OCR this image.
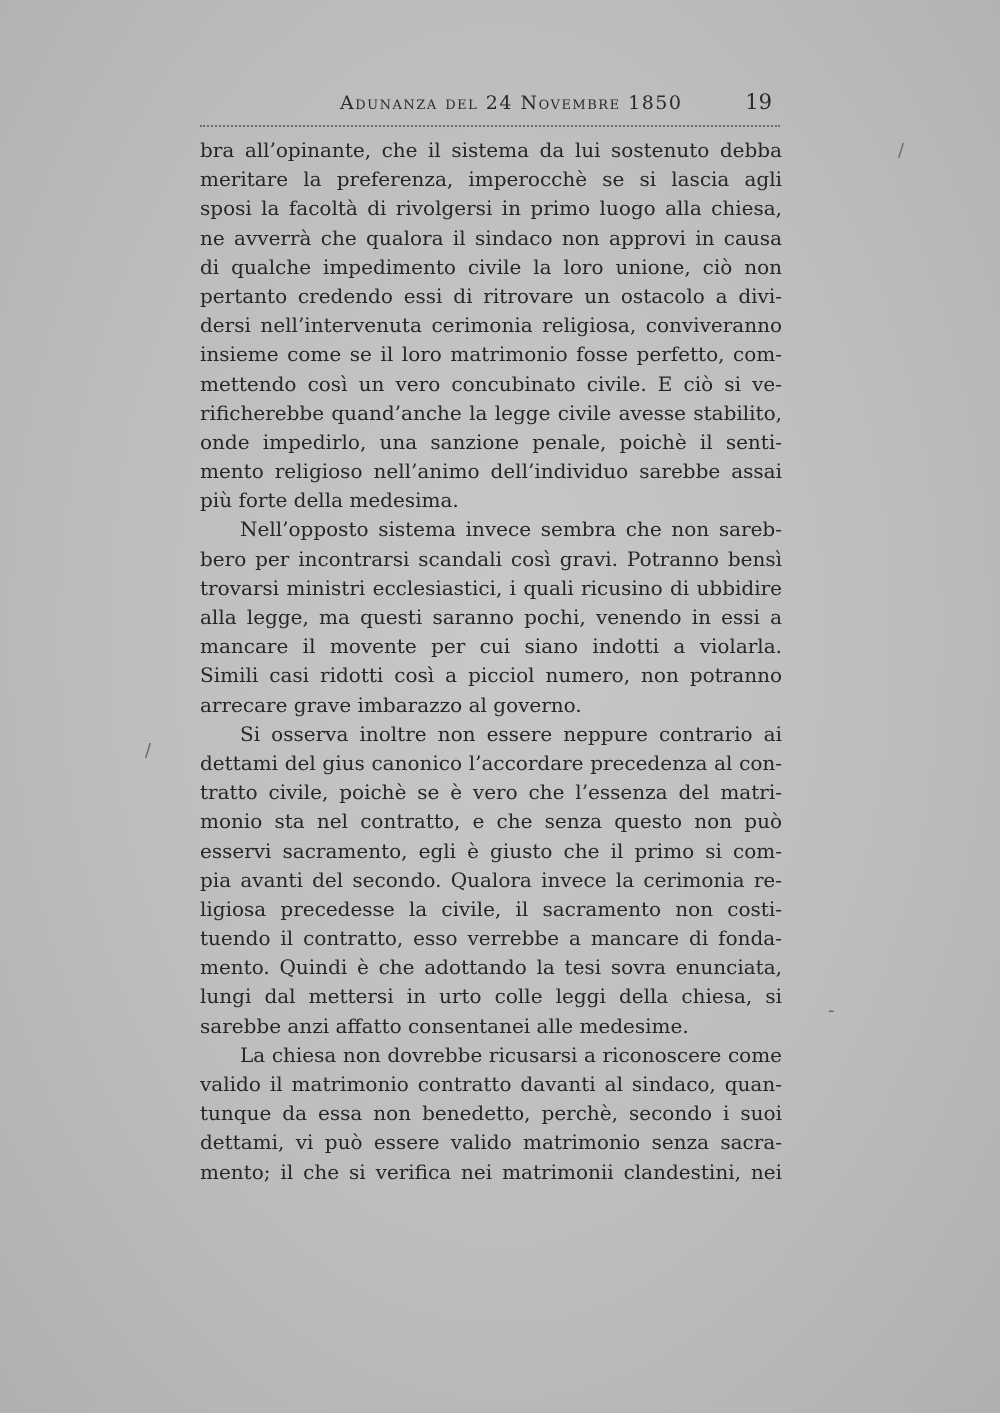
Adunanza del 24 Novembre 1850	19
bra all’opinante, che il sistema da lui sostenuto debba
meritare la preferenza, imperocchè se si lascia agli
sposi la facoltà di rivolgersi in primo luogo alla chiesa,
ne avverrà che qualora il sindaco non approvi in causa
di qualche impedimento civile la loro unione, ciò non
pertanto credendo essi di ritrovare un ostacolo a divi-
dersi nell’intervenuta cerimonia religiosa, conviveranno
insieme come se il loro matrimonio fosse perfetto, com-
mettendo così un vero concubinato civile. E ciò si ve-
rificherebbe quand’anche la legge civile avesse stabilito,
onde impedirlo, una sanzione penale, poichè il senti-
mento religioso nell’animo dell’individuo sarebbe assai
più forte della medesima.
Nell’opposto sistema invece sembra che non sareb-
bero per incontrarsi scandali così gravi. Potranno bensì
trovarsi ministri ecclesiastici, i quali ricusino di ubbidire
alla legge, ma questi saranno pochi, venendo in essi a
mancare il movente per cui siano indotti a violarla.
Simili casi ridotti così a picciol numero, non potranno
arrecare grave imbarazzo al governo.
Si osserva inoltre non essere neppure contrario ai
dettami del gius canonico l’accordare precedenza al con-
tratto civile, poichè se è vero che l’essenza del matri-
monio sta nel contratto, e che senza questo non può
esservi sacramento, egli è giusto che il primo si com-
pia avanti del secondo. Qualora invece la cerimonia re-
ligiosa precedesse la civile, il sacramento non costi-
tuendo il contratto, esso verrebbe a mancare di fonda-
mento. Quindi è che adottando la tesi sovra enunciata,
lungi dal mettersi in urto colle leggi della chiesa, si
sarebbe anzi affatto consentanei alle medesime.
La chiesa non dovrebbe ricusarsi a riconoscere come
valido il matrimonio contratto davanti al sindaco, quan-
tunque da essa non benedetto, perchè, secondo i suoi
dettami, vi può essere valido matrimonio senza sacra-
mento; il che si verifica nei matrimonii clandestini, nei
/
/
-
